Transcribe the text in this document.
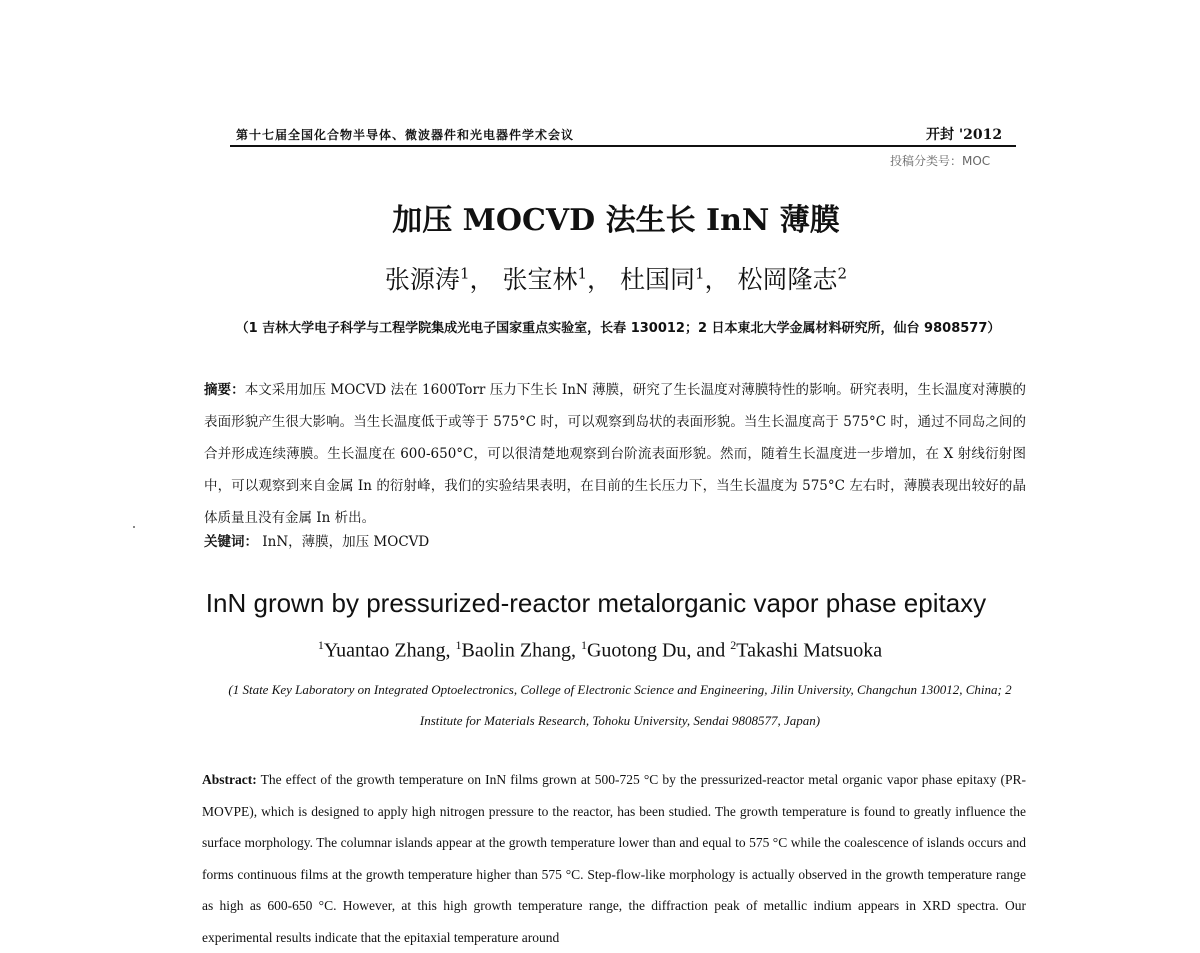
第十七届全国化合物半导体、微波器件和光电器件学术会议	开封 '2012
投稿分类号：MOC
加压 MOCVD 法生长 InN 薄膜
张源涛$^1$， 张宝林$^1$， 杜国同$^1$， 松岡隆志$^2$
（1 吉林大学电子科学与工程学院集成光电子国家重点实验室，长春 130012；2 日本東北大学金属材料研究所，仙台 9808577）
摘要：本文采用加压 MOCVD 法在 1600Torr 压力下生长 InN 薄膜，研究了生长温度对薄膜特性的影响。研究表明，生长温度对薄膜的表面形貌产生很大影响。当生长温度低于或等于 575°C 时，可以观察到岛状的表面形貌。当生长温度高于 575°C 时，通过不同岛之间的合并形成连续薄膜。生长温度在 600-650°C，可以很清楚地观察到台阶流表面形貌。然而，随着生长温度进一步增加，在 X 射线衍射图中，可以观察到来自金属 In 的衍射峰，我们的实验结果表明，在目前的生长压力下，当生长温度为 575°C 左右时，薄膜表现出较好的晶体质量且没有金属 In 析出。
关键词： InN，薄膜，加压 MOCVD
InN grown by pressurized-reactor metalorganic vapor phase epitaxy
$^1$Yuantao Zhang, $^1$Baolin Zhang, $^1$Guotong Du, and $^2$Takashi Matsuoka
(1 State Key Laboratory on Integrated Optoelectronics, College of Electronic Science and Engineering, Jilin University, Changchun 130012, China; 2 Institute for Materials Research, Tohoku University, Sendai 9808577, Japan)
Abstract: The effect of the growth temperature on InN films grown at 500-725 °C by the pressurized-reactor metal organic vapor phase epitaxy (PR-MOVPE), which is designed to apply high nitrogen pressure to the reactor, has been studied. The growth temperature is found to greatly influence the surface morphology. The columnar islands appear at the growth temperature lower than and equal to 575 °C while the coalescence of islands occurs and forms continuous films at the growth temperature higher than 575 °C. Step-flow-like morphology is actually observed in the growth temperature range as high as 600-650 °C. However, at this high growth temperature range, the diffraction peak of metallic indium appears in XRD spectra. Our experimental results indicate that the epitaxial temperature around
